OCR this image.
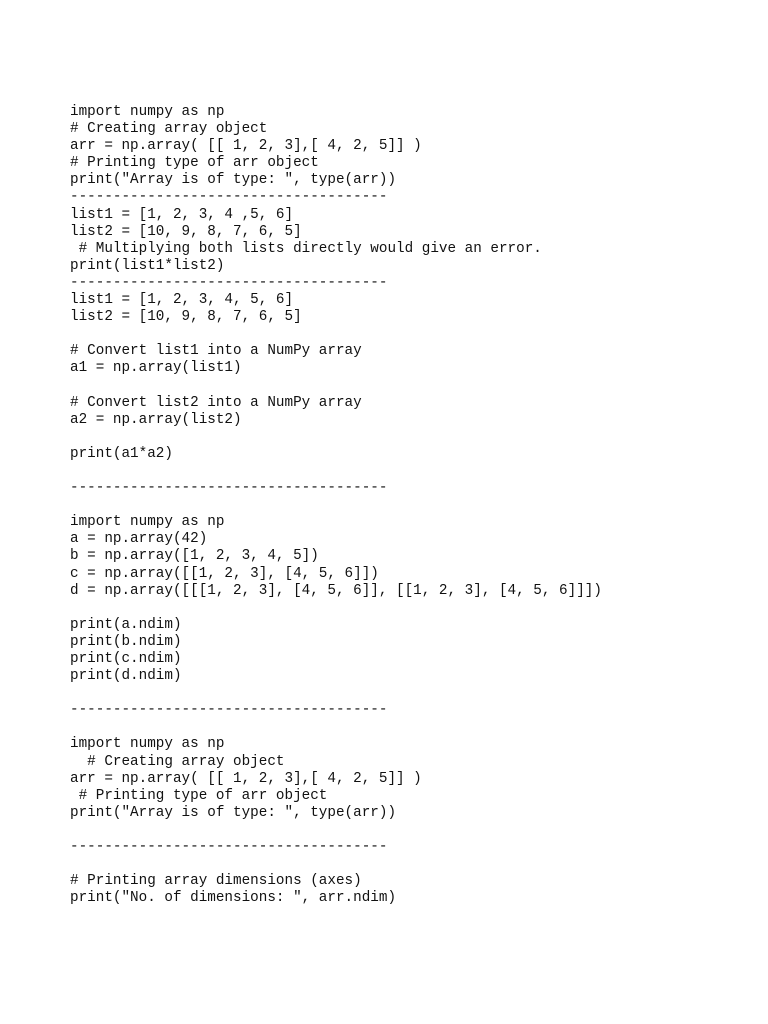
import numpy as np
# Creating array object
arr = np.array( [[ 1, 2, 3],[ 4, 2, 5]] )
# Printing type of arr object
print("Array is of type: ", type(arr))
-------------------------------------
list1 = [1, 2, 3, 4 ,5, 6]
list2 = [10, 9, 8, 7, 6, 5]
# Multiplying both lists directly would give an error.
print(list1*list2)
-------------------------------------
list1 = [1, 2, 3, 4, 5, 6]
list2 = [10, 9, 8, 7, 6, 5]
# Convert list1 into a NumPy array
a1 = np.array(list1)
# Convert list2 into a NumPy array
a2 = np.array(list2)
print(a1*a2)
-------------------------------------
import numpy as np
a = np.array(42)
b = np.array([1, 2, 3, 4, 5])
c = np.array([[1, 2, 3], [4, 5, 6]])
d = np.array([[[1, 2, 3], [4, 5, 6]], [[1, 2, 3], [4, 5, 6]]])
print(a.ndim)
print(b.ndim)
print(c.ndim)
print(d.ndim)
-------------------------------------
import numpy as np
# Creating array object
arr = np.array( [[ 1, 2, 3],[ 4, 2, 5]] )
# Printing type of arr object
print("Array is of type: ", type(arr))
-------------------------------------
# Printing array dimensions (axes)
print("No. of dimensions: ", arr.ndim)
